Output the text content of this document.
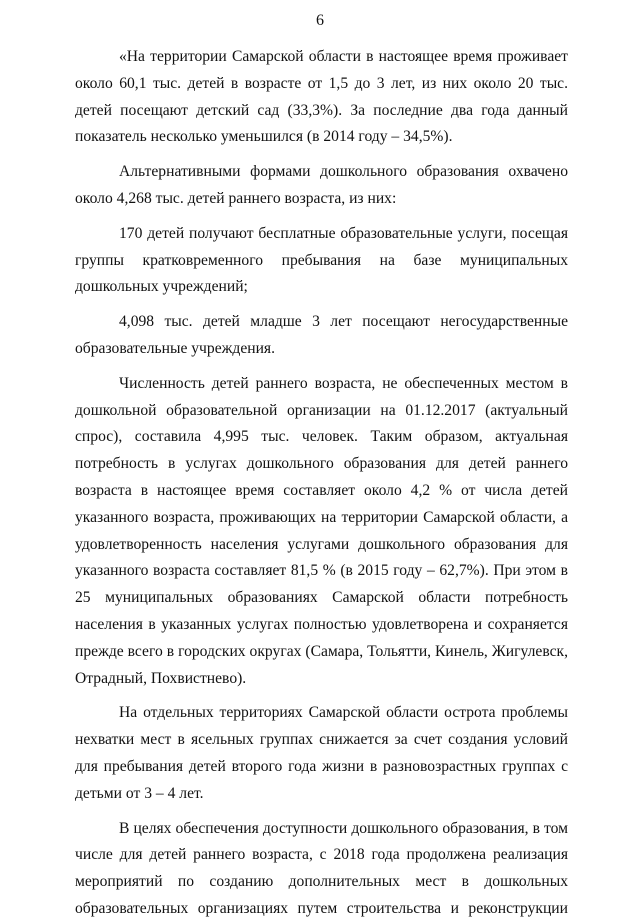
6

«На территории Самарской области в настоящее время проживает около 60,1 тыс. детей в возрасте от 1,5 до 3 лет, из них около 20 тыс. детей посещают детский сад (33,3%). За последние два года данный показатель несколько уменьшился (в 2014 году – 34,5%).

Альтернативными формами дошкольного образования охвачено около 4,268 тыс. детей раннего возраста, из них:

170 детей получают бесплатные образовательные услуги, посещая группы кратковременного пребывания на базе муниципальных дошкольных учреждений;

4,098 тыс. детей младше 3 лет посещают негосударственные образовательные учреждения.

Численность детей раннего возраста, не обеспеченных местом в дошкольной образовательной организации на 01.12.2017 (актуальный спрос), составила 4,995 тыс. человек. Таким образом, актуальная потребность в услугах дошкольного образования для детей раннего возраста в настоящее время составляет около 4,2 % от числа детей указанного возраста, проживающих на территории Самарской области, а удовлетворенность населения услугами дошкольного образования для указанного возраста составляет 81,5 % (в 2015 году – 62,7%). При этом в 25 муниципальных образованиях Самарской области потребность населения в указанных услугах полностью удовлетворена и сохраняется прежде всего в городских округах (Самара, Тольятти, Кинель, Жигулевск, Отрадный, Похвистнево).

На отдельных территориях Самарской области острота проблемы нехватки мест в ясельных группах снижается за счет создания условий для пребывания детей второго года жизни в разновозрастных группах с детьми от 3 – 4 лет.

В целях обеспечения доступности дошкольного образования, в том числе для детей раннего возраста, с 2018 года продолжена реализация мероприятий по созданию дополнительных мест в дошкольных образовательных организациях путем строительства и реконструкции
